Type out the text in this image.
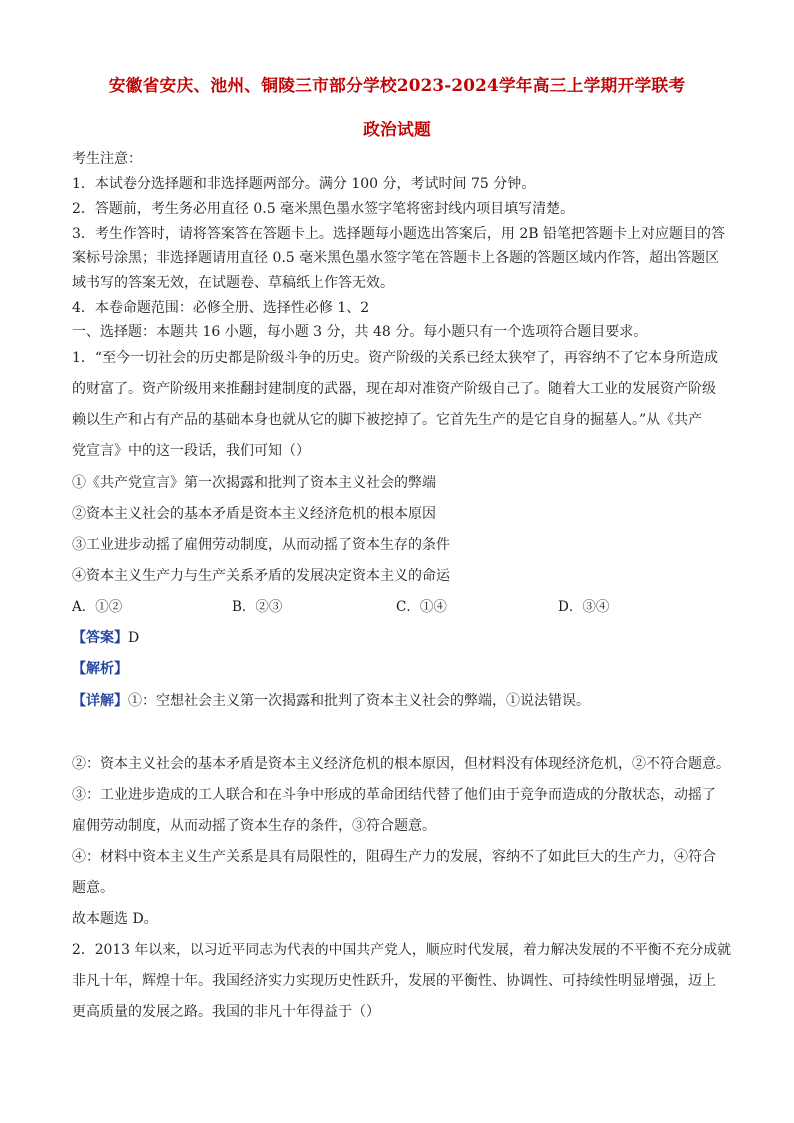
安徽省安庆、池州、铜陵三市部分学校2023-2024学年高三上学期开学联考
政治试题
考生注意：
1．本试卷分选择题和非选择题两部分。满分 100 分，考试时间 75 分钟。
2．答题前，考生务必用直径 0.5 毫米黑色墨水签字笔将密封线内项目填写清楚。
3．考生作答时，请将答案答在答题卡上。选择题每小题选出答案后，用 2B 铅笔把答题卡上对应题目的答
案标号涂黑；非选择题请用直径 0.5 毫米黑色墨水签字笔在答题卡上各题的答题区域内作答，超出答题区
域书写的答案无效，在试题卷、草稿纸上作答无效。
4．本卷命题范围：必修全册、选择性必修 1、2
一、选择题：本题共 16 小题，每小题 3 分，共 48 分。每小题只有一个选项符合题目要求。
1．“至今一切社会的历史都是阶级斗争的历史。资产阶级的关系已经太狭窄了，再容纳不了它本身所造成
的财富了。资产阶级用来推翻封建制度的武器，现在却对准资产阶级自己了。随着大工业的发展资产阶级
赖以生产和占有产品的基础本身也就从它的脚下被挖掉了。它首先生产的是它自身的掘墓人。”从《共产
党宣言》中的这一段话，我们可知（）
①《共产党宣言》第一次揭露和批判了资本主义社会的弊端
②资本主义社会的基本矛盾是资本主义经济危机的根本原因
③工业进步动摇了雇佣劳动制度，从而动摇了资本生存的条件
④资本主义生产力与生产关系矛盾的发展决定资本主义的命运
A．①②	B．②③	C．①④	D．③④
【答案】D
【解析】
【详解】①：空想社会主义第一次揭露和批判了资本主义社会的弊端，①说法错误。
②：资本主义社会的基本矛盾是资本主义经济危机的根本原因，但材料没有体现经济危机，②不符合题意。
③：工业进步造成的工人联合和在斗争中形成的革命团结代替了他们由于竞争而造成的分散状态，动摇了
雇佣劳动制度，从而动摇了资本生存的条件，③符合题意。
④：材料中资本主义生产关系是具有局限性的，阻碍生产力的发展，容纳不了如此巨大的生产力，④符合
题意。
故本题选 D。
2．2013 年以来，以习近平同志为代表的中国共产党人，顺应时代发展，着力解决发展的不平衡不充分成就
非凡十年，辉煌十年。我国经济实力实现历史性跃升，发展的平衡性、协调性、可持续性明显增强，迈上
更高质量的发展之路。我国的非凡十年得益于（）
